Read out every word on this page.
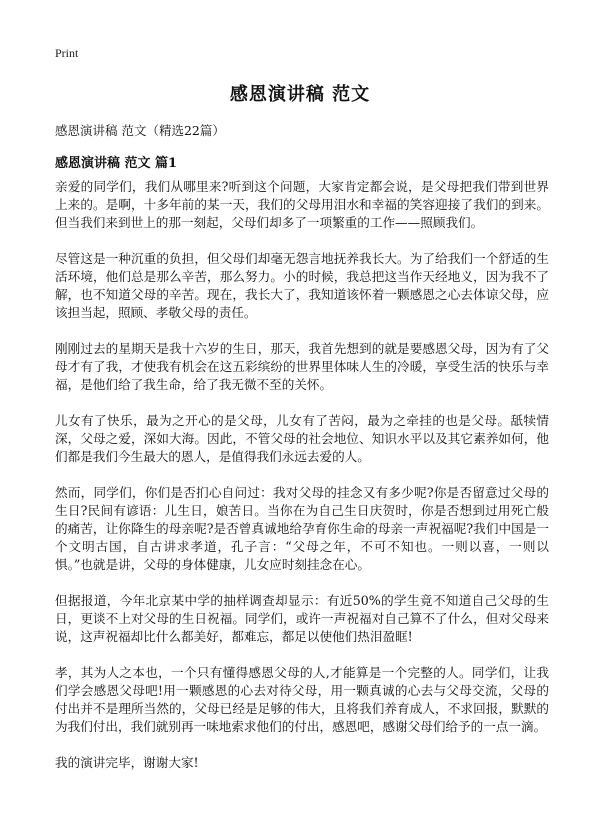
Print
感恩演讲稿 范文
感恩演讲稿 范文（精选22篇）
感恩演讲稿 范文 篇1

亲爱的同学们，我们从哪里来?听到这个问题，大家肯定都会说，是父母把我们带到世界上来的。是啊，十多年前的某一天，我们的父母用泪水和幸福的笑容迎接了我们的到来。但当我们来到世上的那一刻起，父母们却多了一项繁重的工作——照顾我们。

尽管这是一种沉重的负担，但父母们却毫无怨言地抚养我长大。为了给我们一个舒适的生活环境，他们总是那么辛苦，那么努力。小的时候，我总把这当作天经地义，因为我不了解，也不知道父母的辛苦。现在，我长大了，我知道该怀着一颗感恩之心去体谅父母，应该担当起，照顾、孝敬父母的责任。

刚刚过去的星期天是我十六岁的生日，那天，我首先想到的就是要感恩父母，因为有了父母才有了我，才使我有机会在这五彩缤纷的世界里体味人生的冷暖，享受生活的快乐与幸福，是他们给了我生命，给了我无微不至的关怀。

儿女有了快乐，最为之开心的是父母，儿女有了苦闷，最为之牵挂的也是父母。舐犊情深，父母之爱，深如大海。因此，不管父母的社会地位、知识水平以及其它素养如何，他们都是我们今生最大的恩人，是值得我们永远去爱的人。

然而，同学们，你们是否扪心自问过：我对父母的挂念又有多少呢?你是否留意过父母的生日?民间有谚语：儿生日，娘苦日。当你在为自己生日庆贺时，你是否想到过用死亡般的痛苦，让你降生的母亲呢?是否曾真诚地给孕育你生命的母亲一声祝福呢?我们中国是一个文明古国，自古讲求孝道，孔子言：“父母之年，不可不知也。一则以喜，一则以惧。”也就是讲，父母的身体健康，儿女应时刻挂念在心。

但据报道，今年北京某中学的抽样调查却显示：有近50%的学生竟不知道自己父母的生日，更谈不上对父母的生日祝福。同学们，或许一声祝福对自己算不了什么，但对父母来说，这声祝福却比什么都美好，都难忘，都足以使他们热泪盈眶!

孝，其为人之本也，一个只有懂得感恩父母的人,才能算是一个完整的人。同学们，让我们学会感恩父母吧!用一颗感恩的心去对待父母，用一颗真诚的心去与父母交流，父母的付出并不是理所当然的，父母已经是足够的伟大，且将我们养育成人，不求回报，默默的为我们付出，我们就别再一味地索求他们的付出，感恩吧，感谢父母们给予的一点一滴。

我的演讲完毕，谢谢大家!
